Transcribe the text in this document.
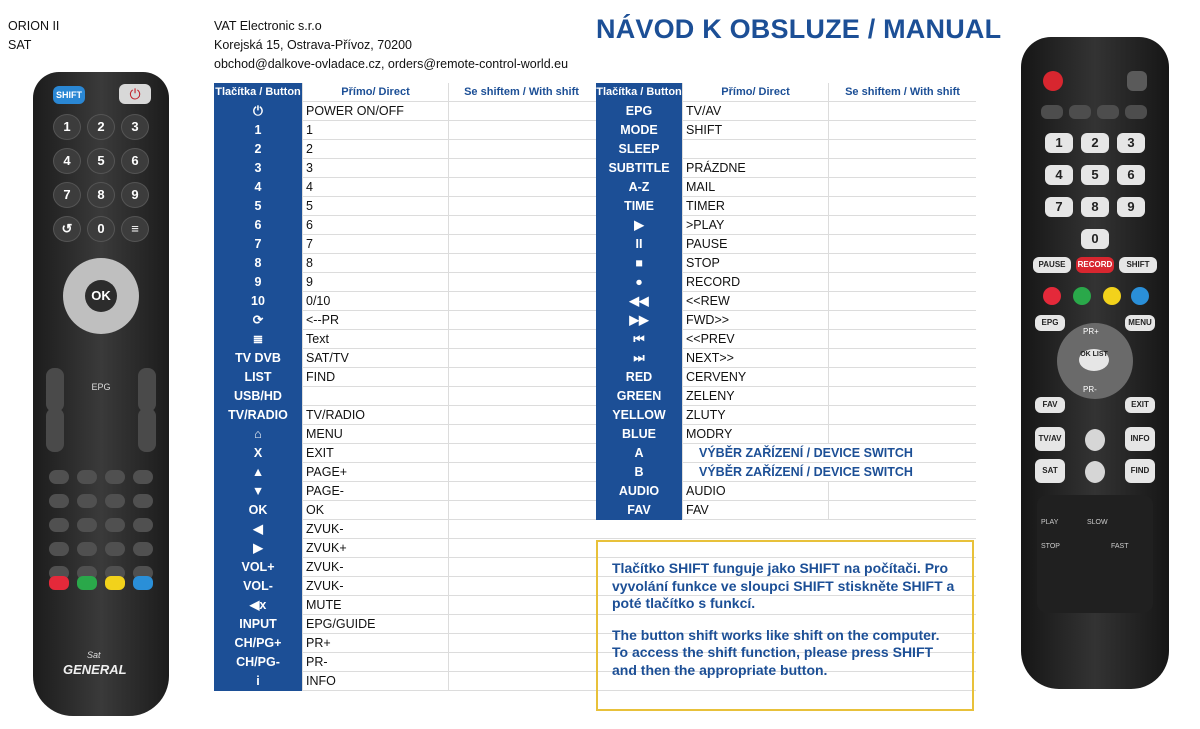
ORION II
SAT
VAT Electronic s.r.o
Korejská 15, Ostrava-Přívoz, 70200
obchod@dalkove-ovladace.cz, orders@remote-control-world.eu
NÁVOD K OBSLUZE / MANUAL
Tlačítka / Button	Přímo/ Direct	Se shiftem / With shift
⏻	POWER ON/OFF
1	1
2	2
3	3
4	4
5	5
6	6
7	7
8	8
9	9
10	0/10
⟳	<--PR
≣	Text
TV DVB	SAT/TV
LIST	FIND
USB/HD
TV/RADIO	TV/RADIO
⌂	MENU
X	EXIT
▲	PAGE+
▼	PAGE-
OK	OK
◀	ZVUK-
▶	ZVUK+
VOL+	ZVUK-
VOL-	ZVUK-
◀x	MUTE
INPUT	EPG/GUIDE
CH/PG+	PR+
CH/PG-	PR-
i	INFO
Tlačítka / Button	Přímo/ Direct	Se shiftem / With shift
EPG	TV/AV
MODE	SHIFT
SLEEP
SUBTITLE	PRÁZDNE
A-Z	MAIL
TIME	TIMER
▶	>PLAY
II	PAUSE
■	STOP
●	RECORD
◀◀	<<REW
▶▶	FWD>>
⏮	<<PREV
⏭	NEXT>>
RED	CERVENY
GREEN	ZELENY
YELLOW	ZLUTY
BLUE	MODRY
A	VÝBĚR ZAŘÍZENÍ / DEVICE SWITCH
B	VÝBĚR ZAŘÍZENÍ / DEVICE SWITCH
AUDIO	AUDIO
FAV	FAV

Tlačítko SHIFT funguje jako SHIFT na počítači. Pro vyvolání funkce ve sloupci SHIFT stiskněte SHIFT a poté tlačítko s funkcí.

The button shift works like shift on the computer. To access the shift function, please press SHIFT and then the appropriate button.

SHIFT	⏻
1	2	3
4	5	6
7	8	9
↺	0	≡
OK
EPG
Sat
GENERAL
1	2	3
4	5	6
7	8	9
0
PAUSE	RECORD	SHIFT
EPG	MENU
OK LIST
PR+
PR-
FAV	EXIT
TV/AV	INFO
SAT	FIND
PLAY	SLOW
STOP	FAST
